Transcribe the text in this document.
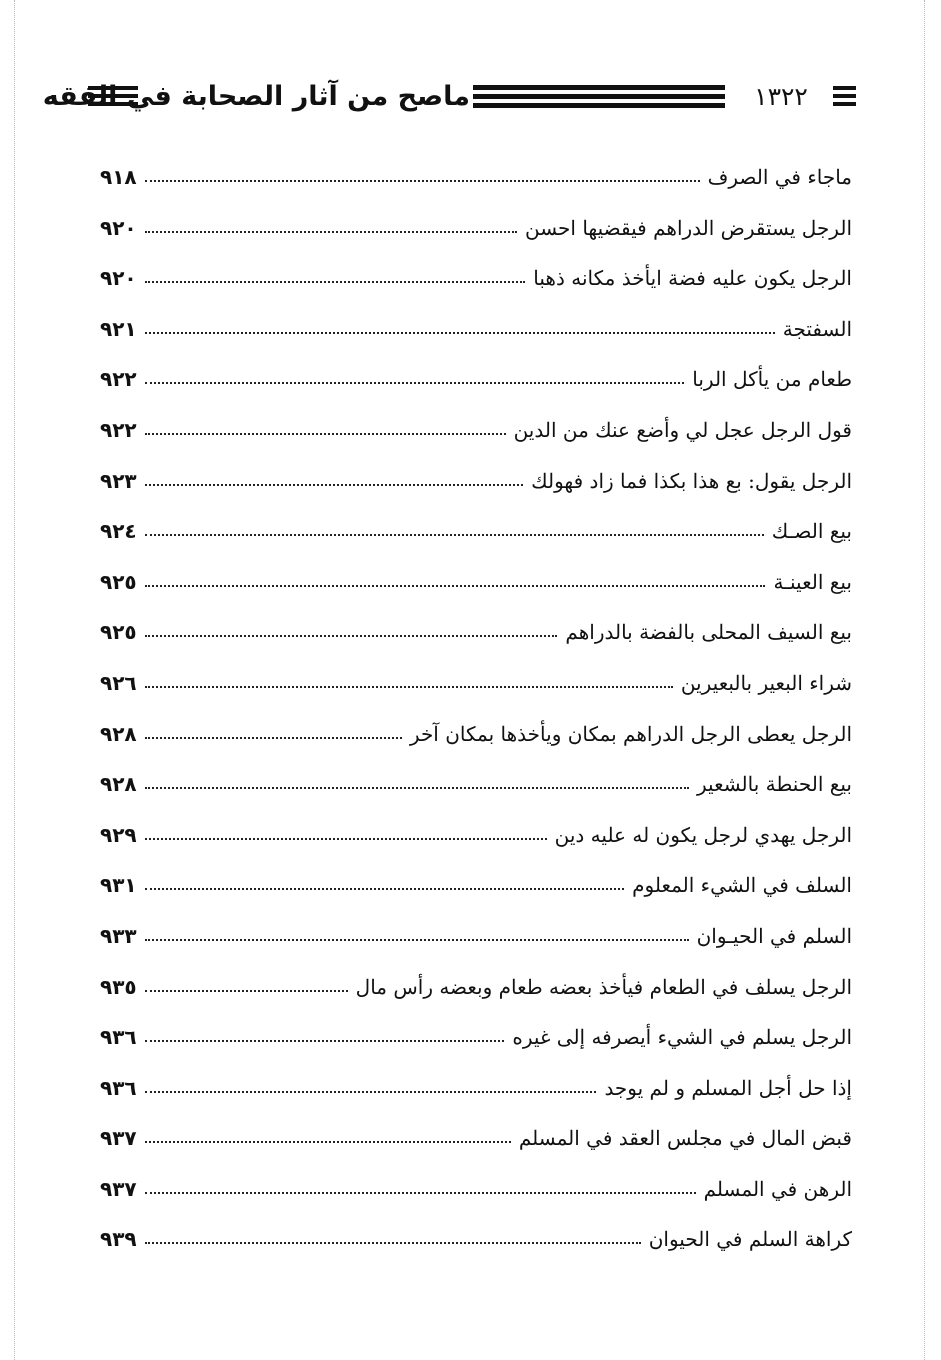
ماصح من آثار الصحابة في الفقه	١٣٢٢
ماجاء في الصرف
٩١٨
الرجل يستقرض الدراهم فيقضيها احسن
٩٢٠
الرجل يكون عليه فضة ايأخذ مكانه ذهبا
٩٢٠
السفتجة
٩٢١
طعام من يأكل الربا
٩٢٢
قول الرجل عجل لي وأضع عنك من الدين
٩٢٢
الرجل يقول: بع هذا بكذا فما زاد فهولك
٩٢٣
بيع الصـك
٩٢٤
بيع العينـة
٩٢٥
بيع السيف المحلى بالفضة بالدراهم
٩٢٥
شراء البعير بالبعيرين
٩٢٦
الرجل يعطى الرجل الدراهم بمكان ويأخذها بمكان آخر
٩٢٨
بيع الحنطة بالشعير
٩٢٨
الرجل يهدي لرجل يكون له عليه دين
٩٢٩
السلف في الشيء المعلوم
٩٣١
السلم في الحيـوان
٩٣٣
الرجل يسلف في الطعام فيأخذ بعضه طعام وبعضه رأس مال
٩٣٥
الرجل يسلم في الشيء أيصرفه إلى غيره
٩٣٦
إذا حل أجل المسلم و لم يوجد
٩٣٦
قبض المال في مجلس العقد في المسلم
٩٣٧
الرهن في المسلم
٩٣٧
كراهة السلم في الحيوان
٩٣٩
